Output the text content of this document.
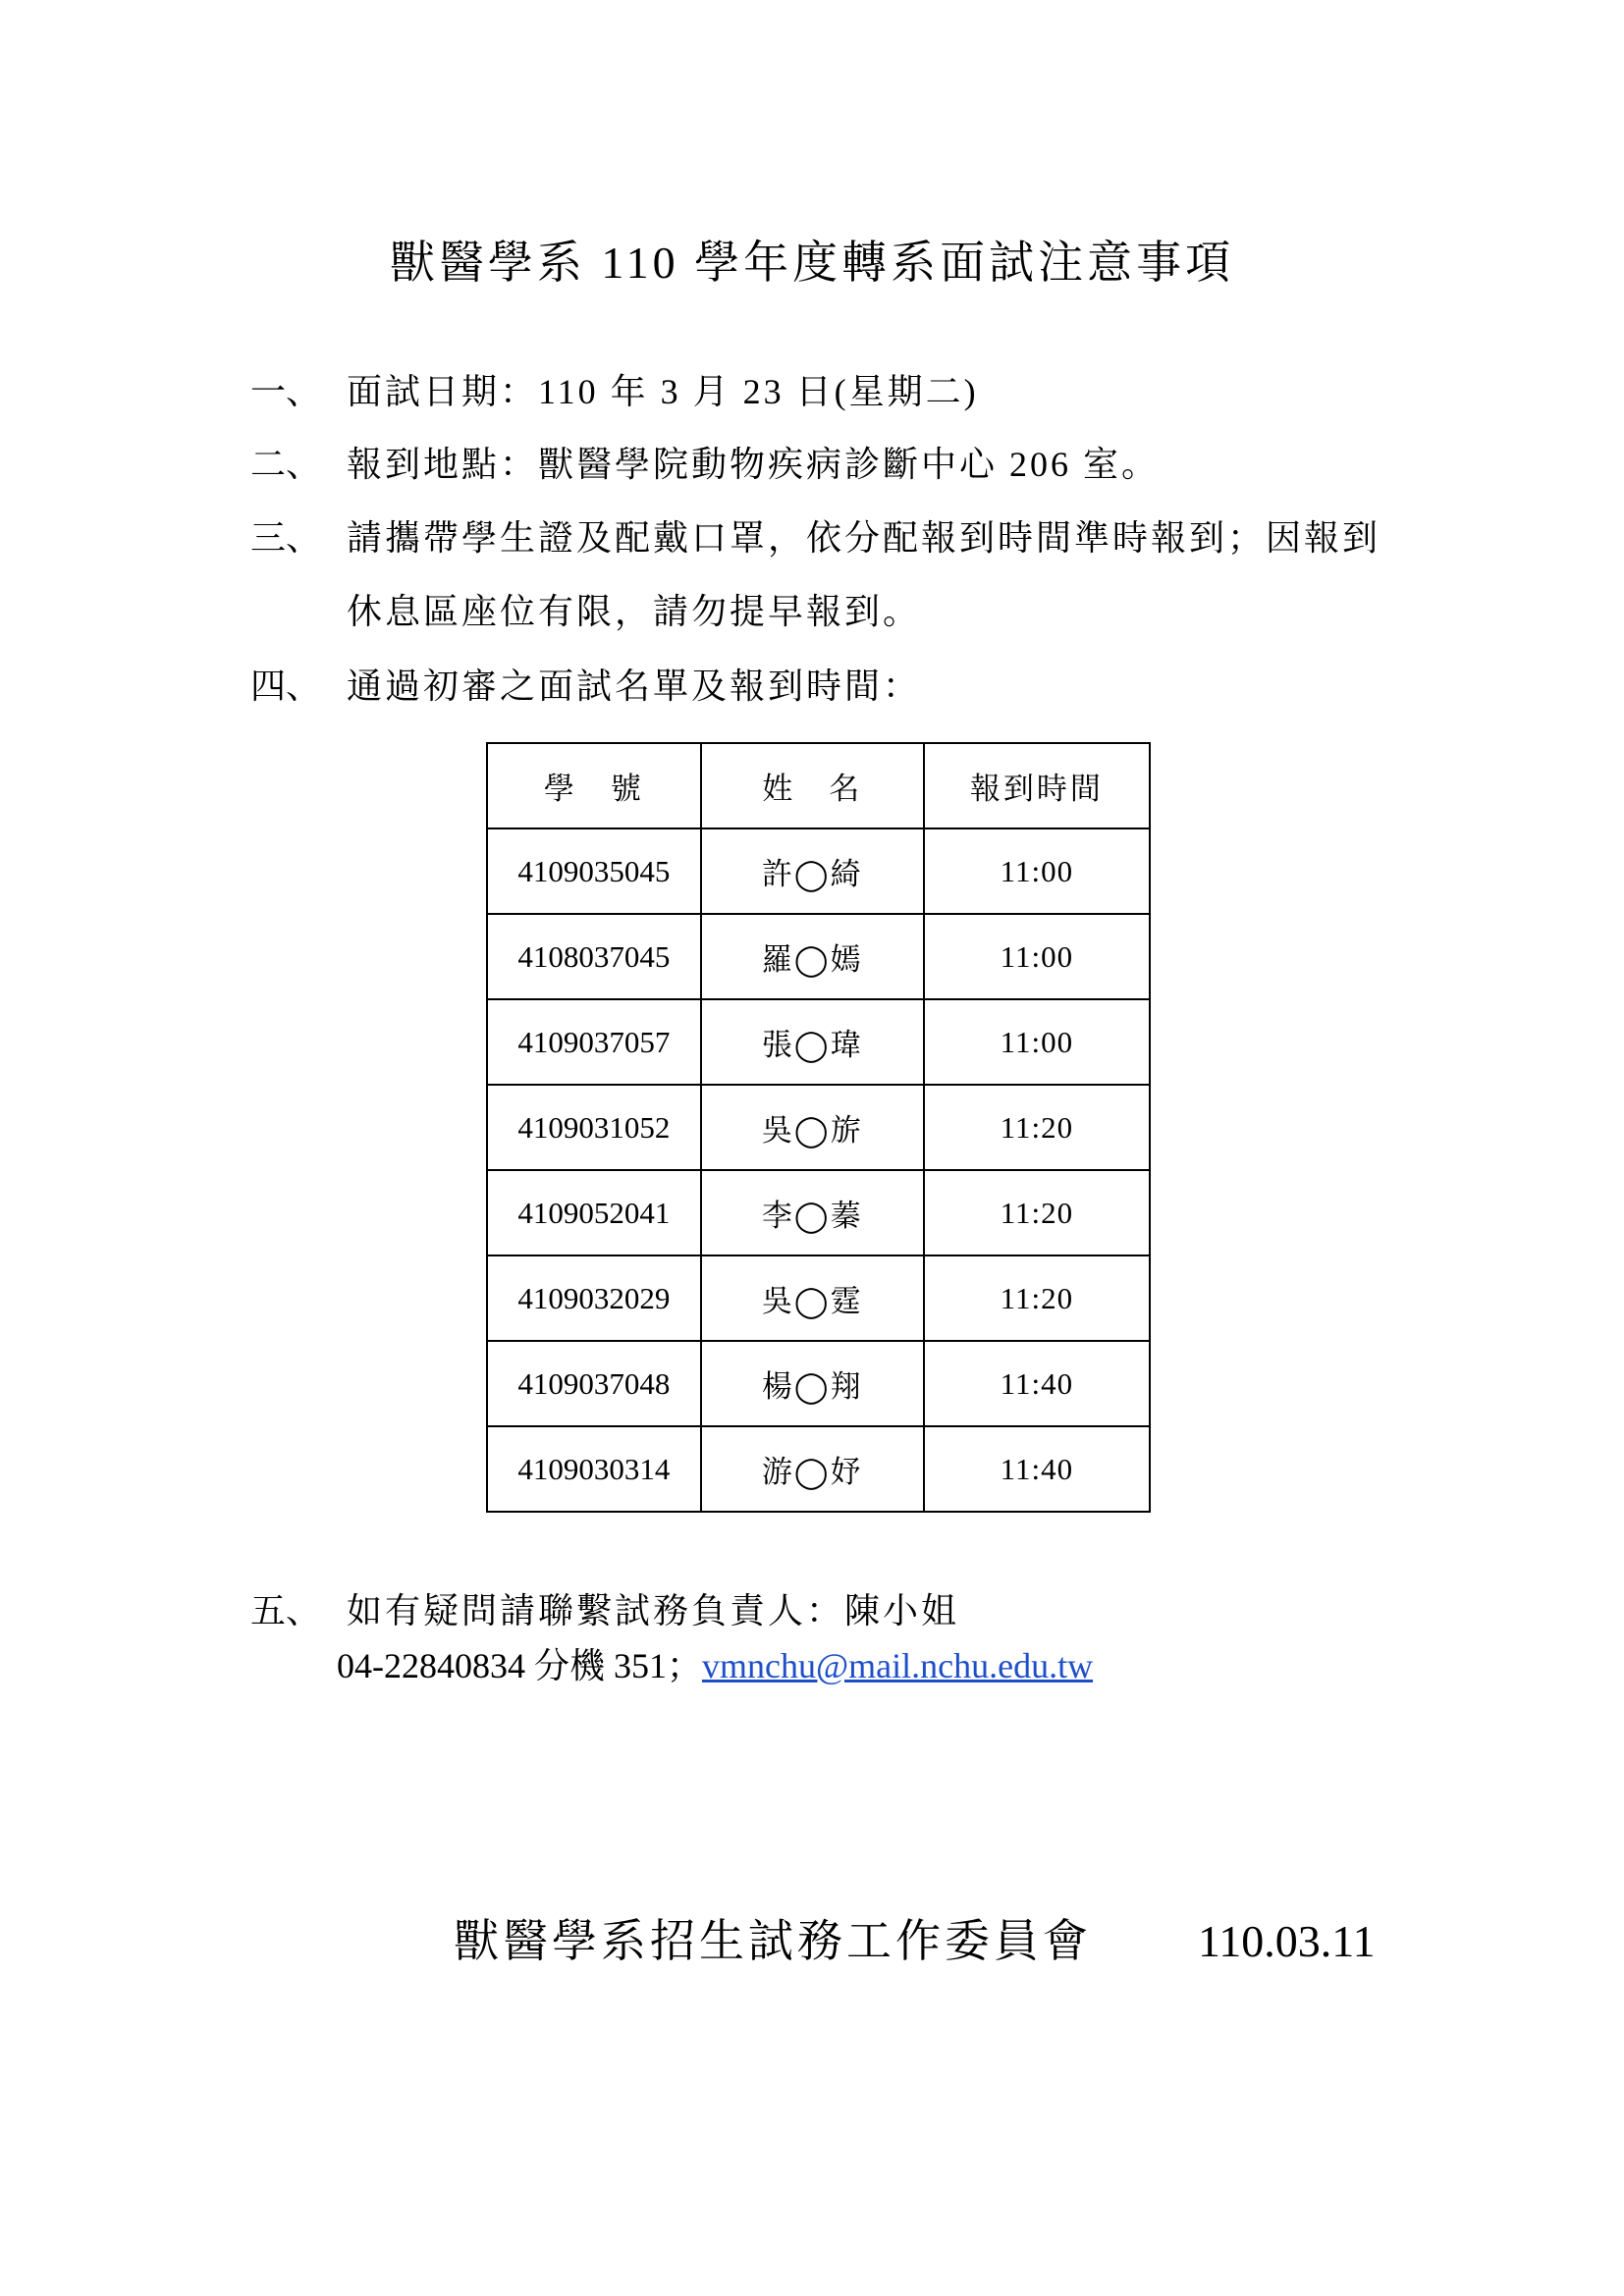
獸醫學系 110 學年度轉系面試注意事項
一、 面試日期：110 年 3 月 23 日(星期二)
二、 報到地點：獸醫學院動物疾病診斷中心 206 室。
三、 請攜帶學生證及配戴口罩，依分配報到時間準時報到；因報到
休息區座位有限，請勿提早報到。
四、 通過初審之面試名單及報到時間：
學　號	姓　名	報到時間
4109035045	許◯綺	11:00
4108037045	羅◯嫣	11:00
4109037057	張◯瑋	11:00
4109031052	吳◯旂	11:20
4109052041	李◯蓁	11:20
4109032029	吳◯霆	11:20
4109037048	楊◯翔	11:40
4109030314	游◯妤	11:40
五、 如有疑問請聯繫試務負責人：陳小姐
04-22840834 分機 351；vmnchu@mail.nchu.edu.tw
獸醫學系招生試務工作委員會 110.03.11
